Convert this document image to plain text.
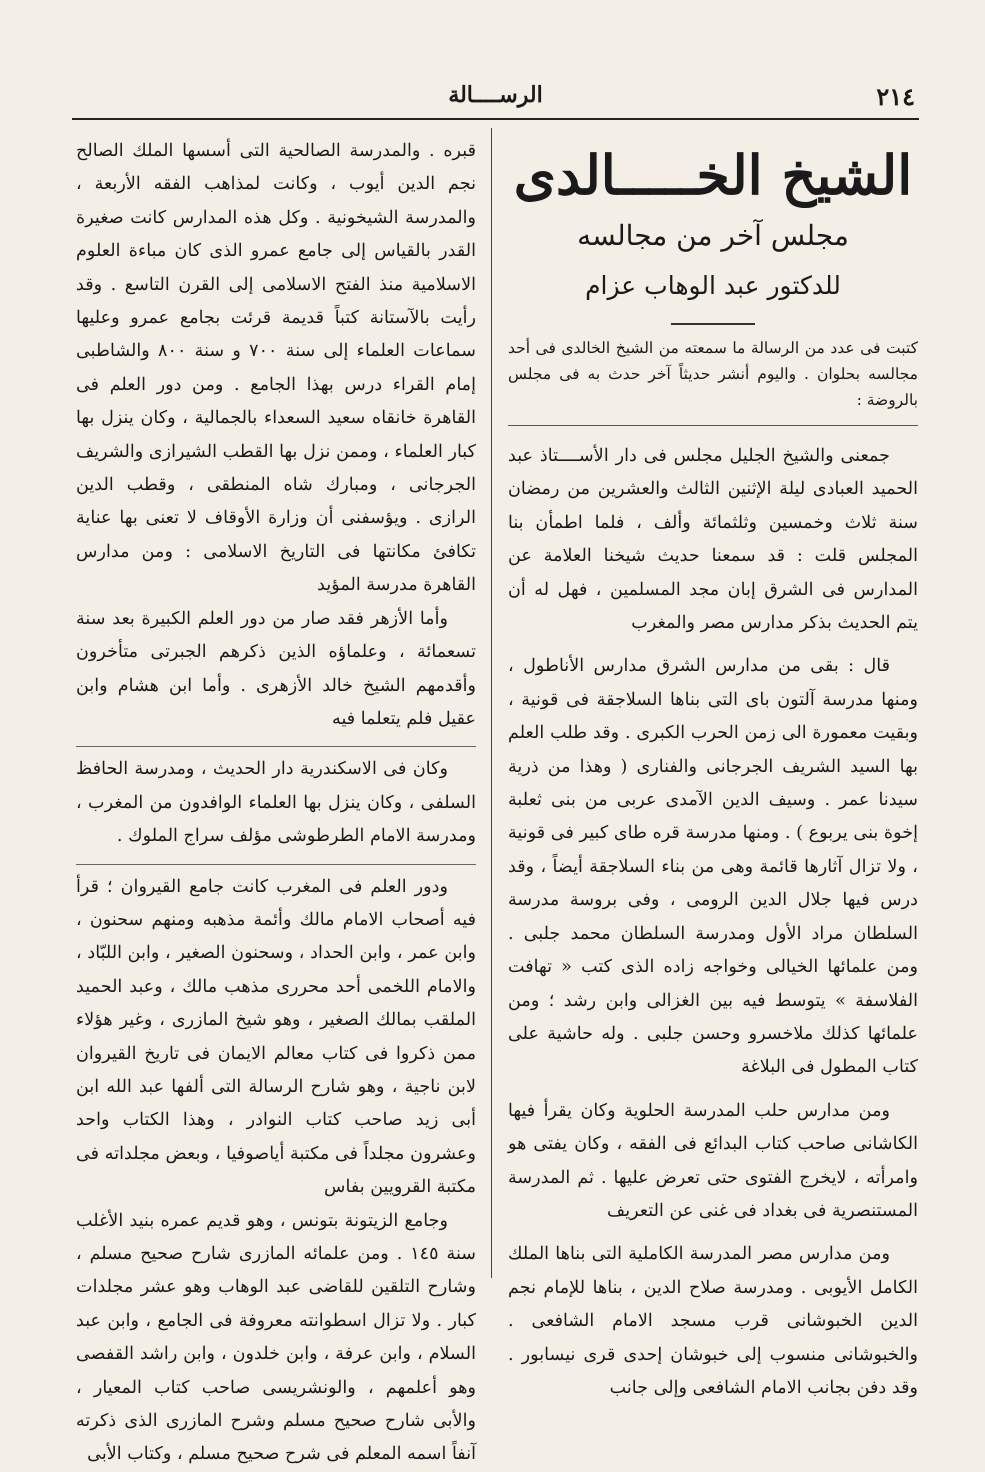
٢١٤
الرســــالة
الشيخ الخـــــالدى
مجلس آخر من مجالسه
للدكتور عبد الوهاب عزام

كتبت فى عدد من الرسالة ما سمعته من الشيخ الخالدى فى أحد مجالسه بحلوان . واليوم أنشر حديثاً آخر حدث به فى مجلس بالروضة :

جمعنى والشيخ الجليل مجلس فى دار الأســــتاذ عبد الحميد العبادى ليلة الإثنين الثالث والعشرين من رمضان سنة ثلاث وخمسين وثلثمائة وألف ، فلما اطمأن بنا المجلس قلت : قد سمعنا حديث شيخنا العلامة عن المدارس فى الشرق إبان مجد المسلمين ، فهل له أن يتم الحديث بذكر مدارس مصر والمغرب

قال : بقى من مدارس الشرق مدارس الأناطول ، ومنها مدرسة آلتون باى التى بناها السلاجقة فى قونية ، وبقيت معمورة الى زمن الحرب الكبرى . وقد طلب العلم بها السيد الشريف الجرجانى والفنارى ( وهذا من ذرية سيدنا عمر . وسيف الدين الآمدى عربى من بنى ثعلبة إخوة بنى يربوع ) . ومنها مدرسة قره طاى كبير فى قونية ، ولا تزال آثارها قائمة وهى من بناء السلاجقة أيضاً ، وقد درس فيها جلال الدين الرومى ، وفى بروسة مدرسة السلطان مراد الأول ومدرسة السلطان محمد جلبى . ومن علمائها الخيالى وخواجه زاده الذى كتب « تهافت الفلاسفة » يتوسط فيه بين الغزالى وابن رشد ؛ ومن علمائها كذلك ملاخسرو وحسن جلبى . وله حاشية على كتاب المطول فى البلاغة

ومن مدارس حلب المدرسة الحلوية وكان يقرأ فيها الكاشانى صاحب كتاب البدائع فى الفقه ، وكان يفتى هو وامرأته ، لايخرج الفتوى حتى تعرض عليها . ثم المدرسة المستنصرية فى بغداد فى غنى عن التعريف

ومن مدارس مصر المدرسة الكاملية التى بناها الملك الكامل الأيوبى . ومدرسة صلاح الدين ، بناها للإمام نجم الدين الخبوشانى قرب مسجد الامام الشافعى . والخبوشانى منسوب إلى خبوشان إحدى قرى نيسابور . وقد دفن بجانب الامام الشافعى وإلى جانب

قبره . والمدرسة الصالحية التى أسسها الملك الصالح نجم الدين أيوب ، وكانت لمذاهب الفقه الأربعة ، والمدرسة الشيخونية . وكل هذه المدارس كانت صغيرة القدر بالقياس إلى جامع عمرو الذى كان مباءة العلوم الاسلامية منذ الفتح الاسلامى إلى القرن التاسع . وقد رأيت بالآستانة كتباً قديمة قرئت بجامع عمرو وعليها سماعات العلماء إلى سنة ٧٠٠ و سنة ٨٠٠ والشاطبى إمام القراء درس بهذا الجامع . ومن دور العلم فى القاهرة خانقاه سعيد السعداء بالجمالية ، وكان ينزل بها كبار العلماء ، وممن نزل بها القطب الشيرازى والشريف الجرجانى ، ومبارك شاه المنطقى ، وقطب الدين الرازى . ويؤسفنى أن وزارة الأوقاف لا تعنى بها عناية تكافئ مكانتها فى التاريخ الاسلامى : ومن مدارس القاهرة مدرسة المؤيد

وأما الأزهر فقد صار من دور العلم الكبيرة بعد سنة تسعمائة ، وعلماؤه الذين ذكرهم الجبرتى متأخرون وأقدمهم الشيخ خالد الأزهرى . وأما ابن هشام وابن عقيل فلم يتعلما فيه

وكان فى الاسكندرية دار الحديث ، ومدرسة الحافظ السلفى ، وكان ينزل بها العلماء الوافدون من المغرب ، ومدرسة الامام الطرطوشى مؤلف سراج الملوك .

ودور العلم فى المغرب كانت جامع القيروان ؛ قرأ فيه أصحاب الامام مالك وأئمة مذهبه ومنهم سحنون ، وابن عمر ، وابن الحداد ، وسحنون الصغير ، وابن اللبّاد ، والامام اللخمى أحد محررى مذهب مالك ، وعبد الحميد الملقب بمالك الصغير ، وهو شيخ المازرى ، وغير هؤلاء ممن ذكروا فى كتاب معالم الايمان فى تاريخ القيروان لابن ناجية ، وهو شارح الرسالة التى ألفها عبد الله ابن أبى زيد صاحب كتاب النوادر ، وهذا الكتاب واحد وعشرون مجلداً فى مكتبة أياصوفيا ، وبعض مجلداته فى مكتبة القرويين بفاس

وجامع الزيتونة بتونس ، وهو قديم عمره بنيد الأغلب سنة ١٤٥ . ومن علمائه المازرى شارح صحيح مسلم ، وشارح التلقين للقاضى عبد الوهاب وهو عشر مجلدات كبار . ولا تزال اسطوانته معروفة فى الجامع ، وابن عبد السلام ، وابن عرفة ، وابن خلدون ، وابن راشد القفصى وهو أعلمهم ، والونشريسى صاحب كتاب المعيار ، والأبى شارح صحيح مسلم وشرح المازرى الذى ذكرته آنفاً اسمه المعلم فى شرح صحيح مسلم ، وكتاب الأبى
